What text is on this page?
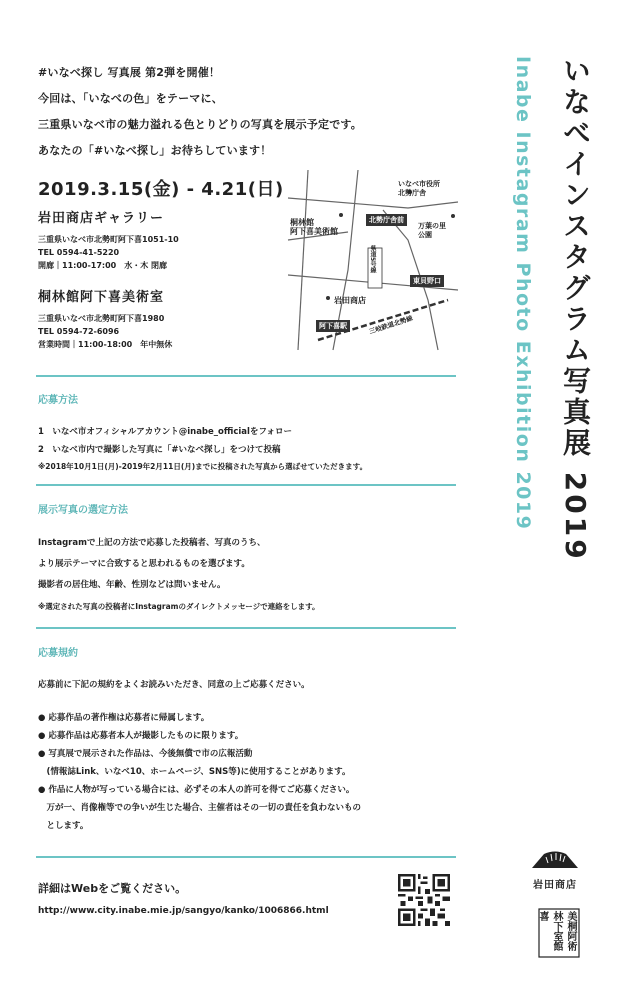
#いなべ探し 写真展 第2弾を開催！
今回は、「いなべの色」をテーマに、
三重県いなべ市の魅力溢れる色とりどりの写真を展示予定です。
あなたの「#いなべ探し」お待ちしています！
2019.3.15(金) - 4.21(日)
岩田商店ギャラリー
三重県いなべ市北勢町阿下喜1051-10
TEL 0594-41-5220
開廊｜11:00-17:00　水・木 閉廊
桐林館阿下喜美術室
三重県いなべ市北勢町阿下喜1980
TEL 0594-72-6096
営業時間｜11:00-18:00　年中無休
いなべ市役所
北勢庁舎
桐林館
阿下喜美術館
北勢庁舎前
万葉の里
公園
県道5号線
東貝野口
岩田商店
阿下喜駅	三岐鉄道北勢線
応募方法
1　いなべ市オフィシャルアカウント@inabe_officialをフォロー
2　いなべ市内で撮影した写真に「#いなべ探し」をつけて投稿
※2018年10月1日(月)-2019年2月11日(月)までに投稿された写真から選ばせていただきます。
展示写真の選定方法
Instagramで上記の方法で応募した投稿者、写真のうち、
より展示テーマに合致すると思われるものを選びます。
撮影者の居住地、年齢、性別などは問いません。
※選定された写真の投稿者にInstagramのダイレクトメッセージで連絡をします。
応募規約
応募前に下記の規約をよくお読みいただき、同意の上ご応募ください。
● 応募作品の著作権は応募者に帰属します。
● 応募作品は応募者本人が撮影したものに限ります。
● 写真展で展示された作品は、今後無償で市の広報活動
　(情報誌Link、いなべ10、ホームページ、SNS等)に使用することがあります。
● 作品に人物が写っている場合には、必ずその本人の許可を得てご応募ください。
　万が一、肖像権等での争いが生じた場合、主催者はその一切の責任を負わないもの
　とします。
詳細はWebをご覧ください。
http://www.city.inabe.mie.jp/sangyo/kanko/1006866.html
Inabe Instagram Photo Exhibition 2019 いなべインスタグラム写真展 2019
岩田商店
美桐阿術林下室館喜
